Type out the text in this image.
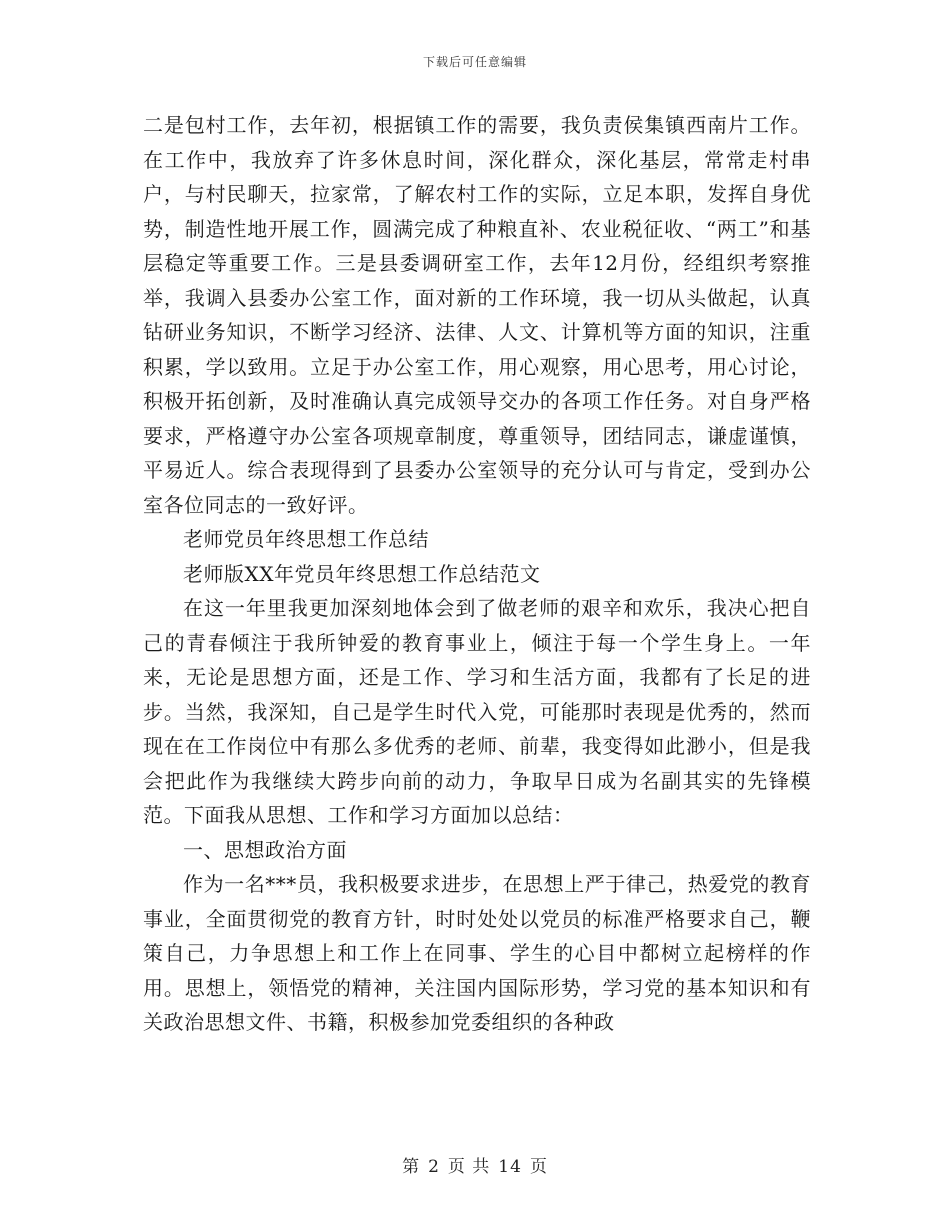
下载后可任意编辑

二是包村工作，去年初，根据镇工作的需要，我负责侯集镇西南片工作。在工作中，我放弃了许多休息时间，深化群众，深化基层，常常走村串户，与村民聊天，拉家常，了解农村工作的实际，立足本职，发挥自身优势，制造性地开展工作，圆满完成了种粮直补、农业税征收、“两工”和基层稳定等重要工作。三是县委调研室工作，去年12月份，经组织考察推举，我调入县委办公室工作，面对新的工作环境，我一切从头做起，认真钻研业务知识，不断学习经济、法律、人文、计算机等方面的知识，注重积累，学以致用。立足于办公室工作，用心观察，用心思考，用心讨论，积极开拓创新，及时准确认真完成领导交办的各项工作任务。对自身严格要求，严格遵守办公室各项规章制度，尊重领导，团结同志，谦虚谨慎，平易近人。综合表现得到了县委办公室领导的充分认可与肯定，受到办公室各位同志的一致好评。

老师党员年终思想工作总结

老师版XX年党员年终思想工作总结范文

在这一年里我更加深刻地体会到了做老师的艰辛和欢乐，我决心把自己的青春倾注于我所钟爱的教育事业上，倾注于每一个学生身上。一年来，无论是思想方面，还是工作、学习和生活方面，我都有了长足的进步。当然，我深知，自己是学生时代入党，可能那时表现是优秀的，然而现在在工作岗位中有那么多优秀的老师、前辈，我变得如此渺小，但是我会把此作为我继续大跨步向前的动力，争取早日成为名副其实的先锋模范。下面我从思想、工作和学习方面加以总结：

一、思想政治方面

作为一名***员，我积极要求进步，在思想上严于律己，热爱党的教育事业，全面贯彻党的教育方针，时时处处以党员的标准严格要求自己，鞭策自己，力争思想上和工作上在同事、学生的心目中都树立起榜样的作用。思想上，领悟党的精神，关注国内国际形势，学习党的基本知识和有关政治思想文件、书籍，积极参加党委组织的各种政

第 2 页 共 14 页
